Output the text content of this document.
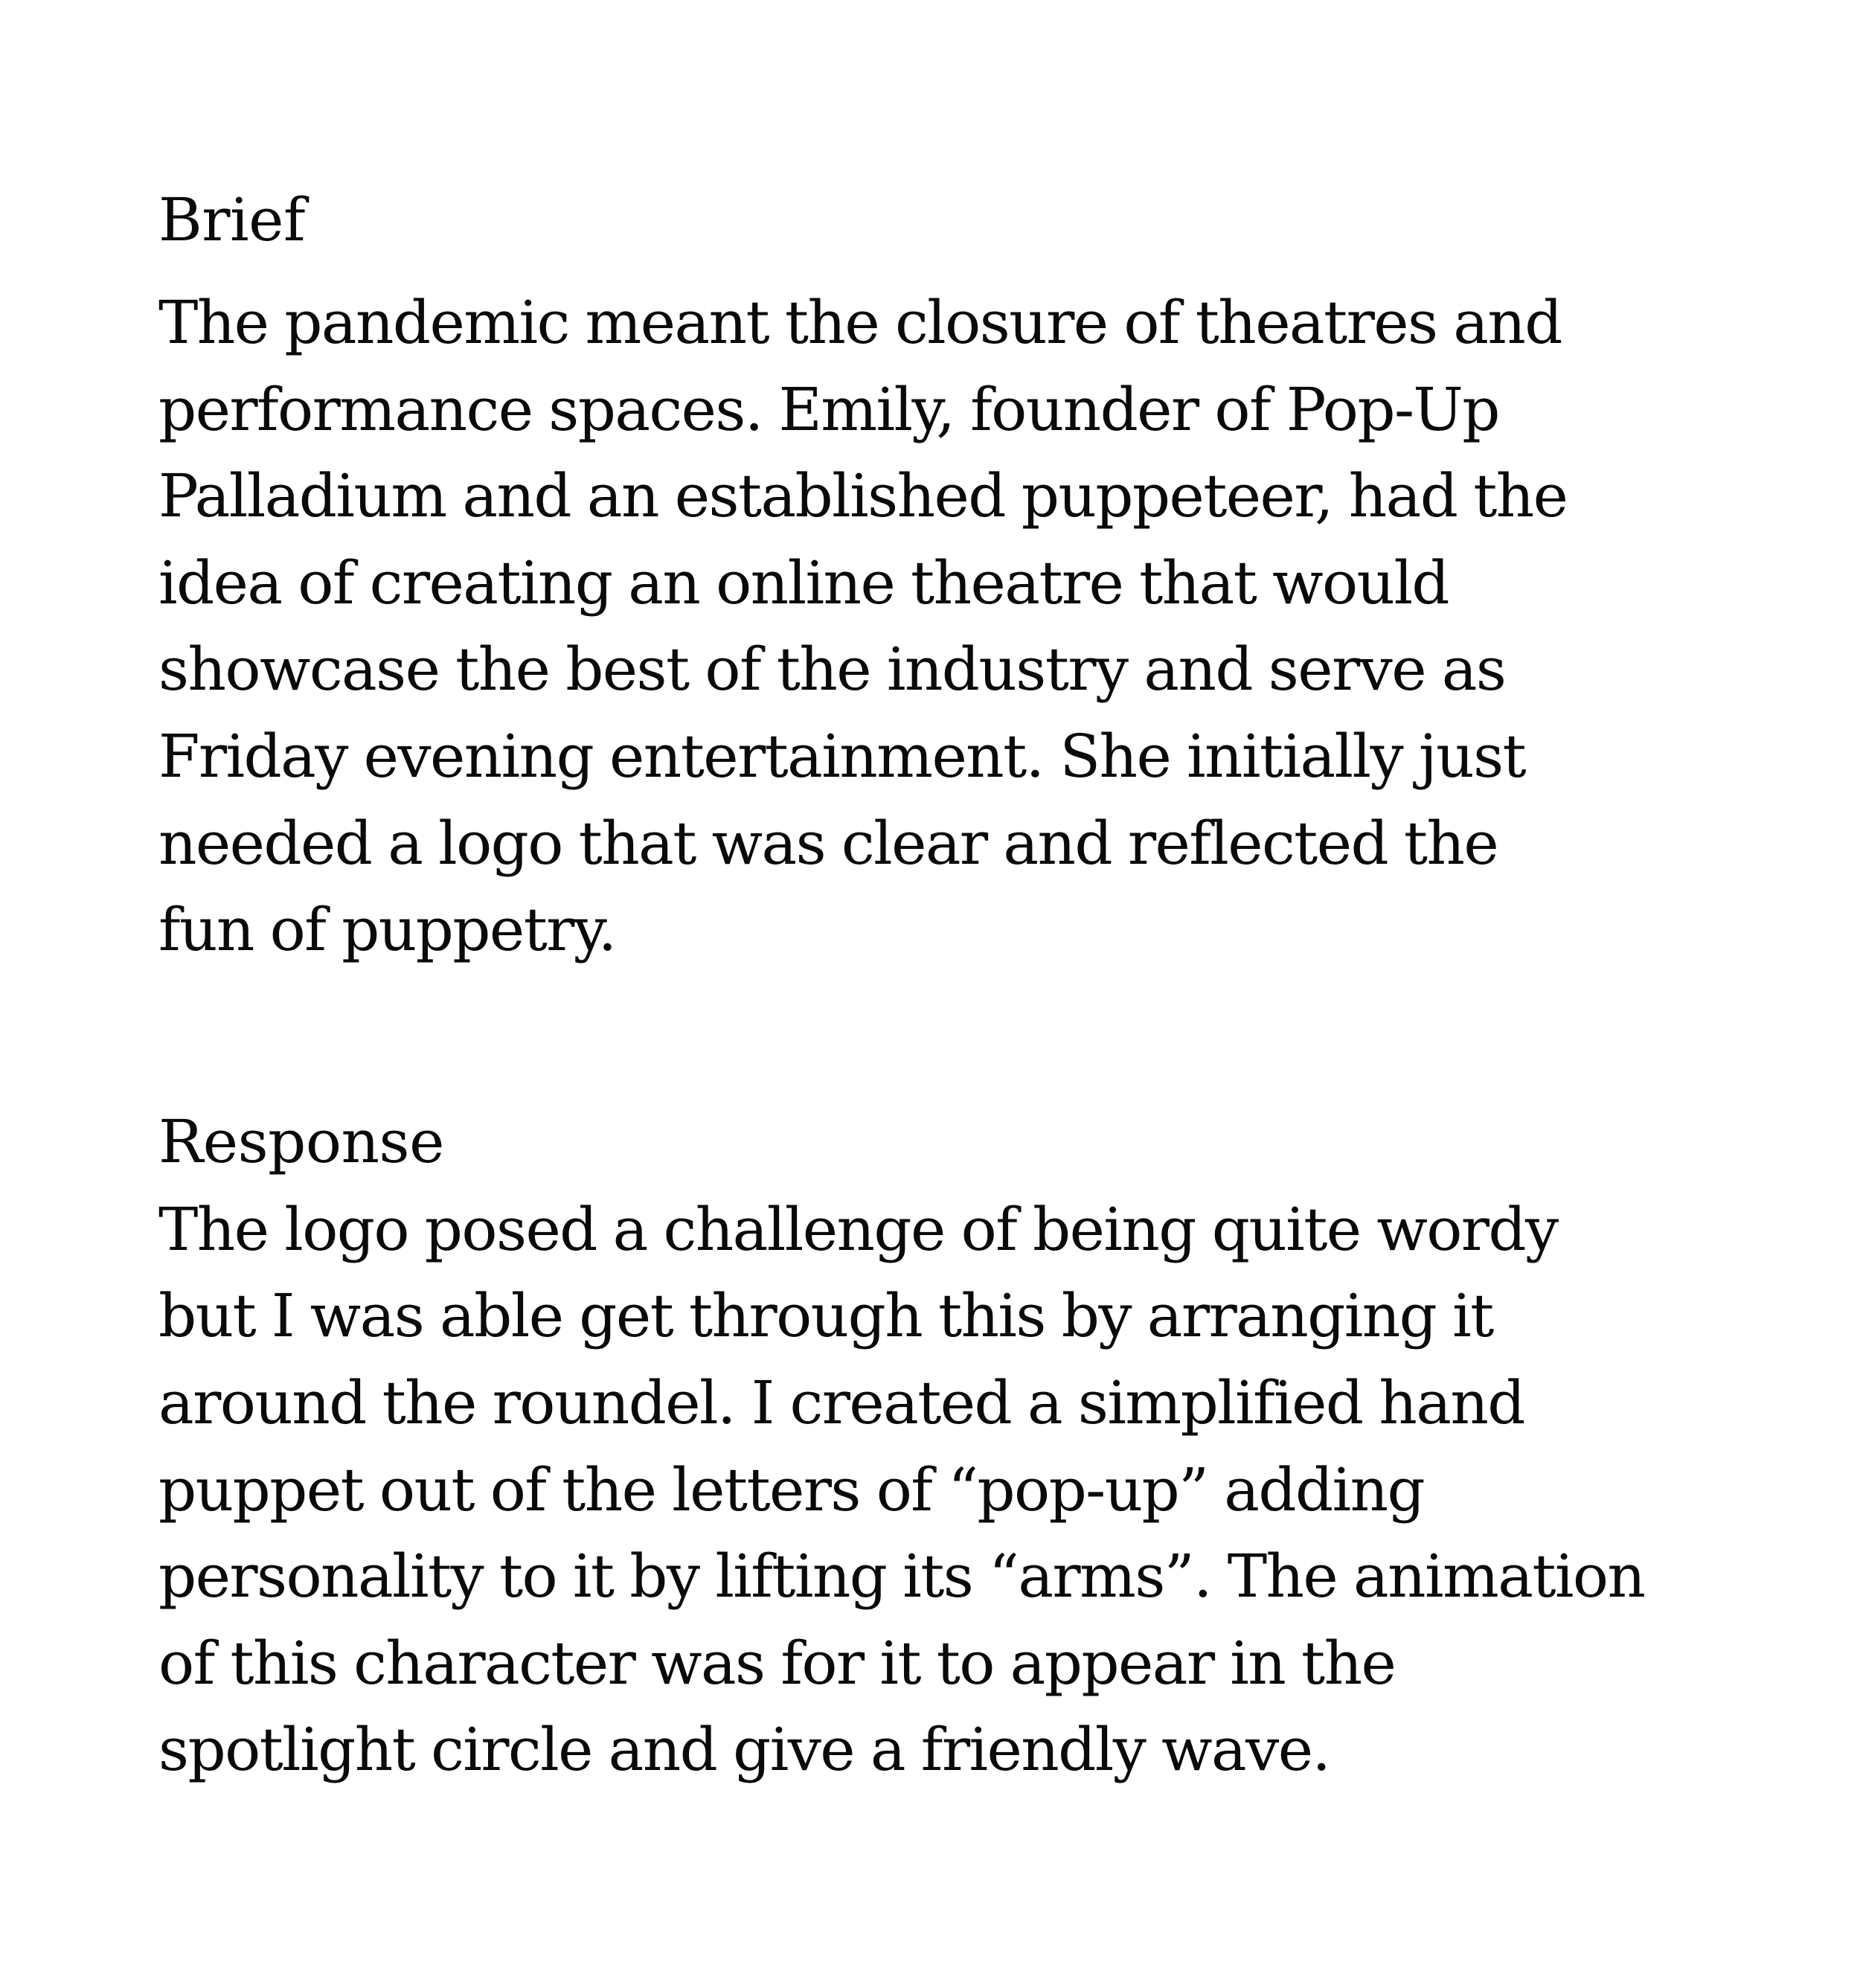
Brief
The pandemic meant the closure of theatres and
performance spaces. Emily, founder of Pop-Up
Palladium and an established puppeteer, had the
idea of creating an online theatre that would
showcase the best of the industry and serve as
Friday evening entertainment. She initially just
needed a logo that was clear and reflected the
fun of puppetry.
Response
The logo posed a challenge of being quite wordy
but I was able get through this by arranging it
around the roundel. I created a simplified hand
puppet out of the letters of “pop-up” adding
personality to it by lifting its “arms”. The animation
of this character was for it to appear in the
spotlight circle and give a friendly wave.
